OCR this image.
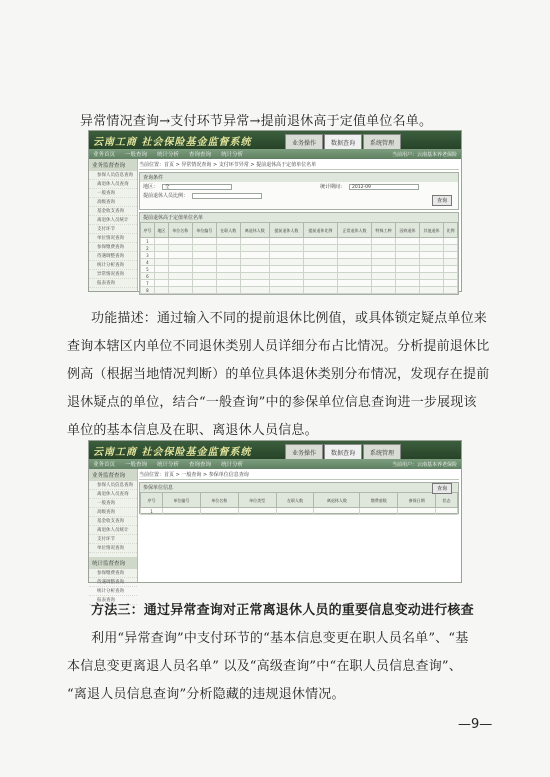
异常情况查询→支付环节异常→提前退休高于定值单位名单。
云南工商 社会保险基金监督系统	业务操作	数据查询	系统管理
业务首页 一般查询 统计分析 查询查询 统计分析	当前用户：云南基本养老保险
业务监督查询
参保人员信息查询
离退休人员查询
一般查询
高级查询
基金收支查询
离退休人员统计
支付环节
单位情况查询
参保缴费查询
待遇调整查询
统计分析查询
异常情况查询
报表查询
当前位置：首页 > 异常情况查询 > 支付环节异常 > 提前退休高于定值单位名单
查询条件
地区：	全	统计期间：	2012-09
提前退休人员比例：
查询
提前退休高于定值单位名单
序号	地区	单位名称	单位编号	在职人数	离退休人数	提前退休人数	提前退休比例	正常退休人数	特殊工种	因病退休	其他退休	比例
1												
2												
3												
4												
5												
6												
7												
8												
功能描述：通过输入不同的提前退休比例值，或具体锁定疑点单位来
查询本辖区内单位不同退休类别人员详细分布占比情况。分析提前退休比
例高（根据当地情况判断）的单位具体退休类别分布情况，发现存在提前
退休疑点的单位，结合“一般查询”中的参保单位信息查询进一步展现该
单位的基本信息及在职、离退休人员信息。
云南工商 社会保险基金监督系统	业务操作	数据查询	系统管理
业务首页 一般查询 统计分析 查询查询 统计分析	当前用户：云南基本养老保险
业务监督查询
参保人员信息查询
离退休人员查询
一般查询
高级查询
基金收支查询
离退休人员统计
支付环节
单位情况查询
统计监督查询
参保缴费查询
待遇调整查询
统计分析查询
报表查询
当前位置：首页 > 一般查询 > 参保单位信息查询
参保单位信息	查询
序号	单位编号	单位名称	单位类型	在职人数	离退休人数	缴费基数	参保日期	状态
1								
方法三：通过异常查询对正常离退休人员的重要信息变动进行核查
利用“异常查询”中支付环节的“基本信息变更在职人员名单”、“基
本信息变更离退人员名单” 以及“高级查询”中“在职人员信息查询”、
“离退人员信息查询”分析隐藏的违规退休情况。
—9—
